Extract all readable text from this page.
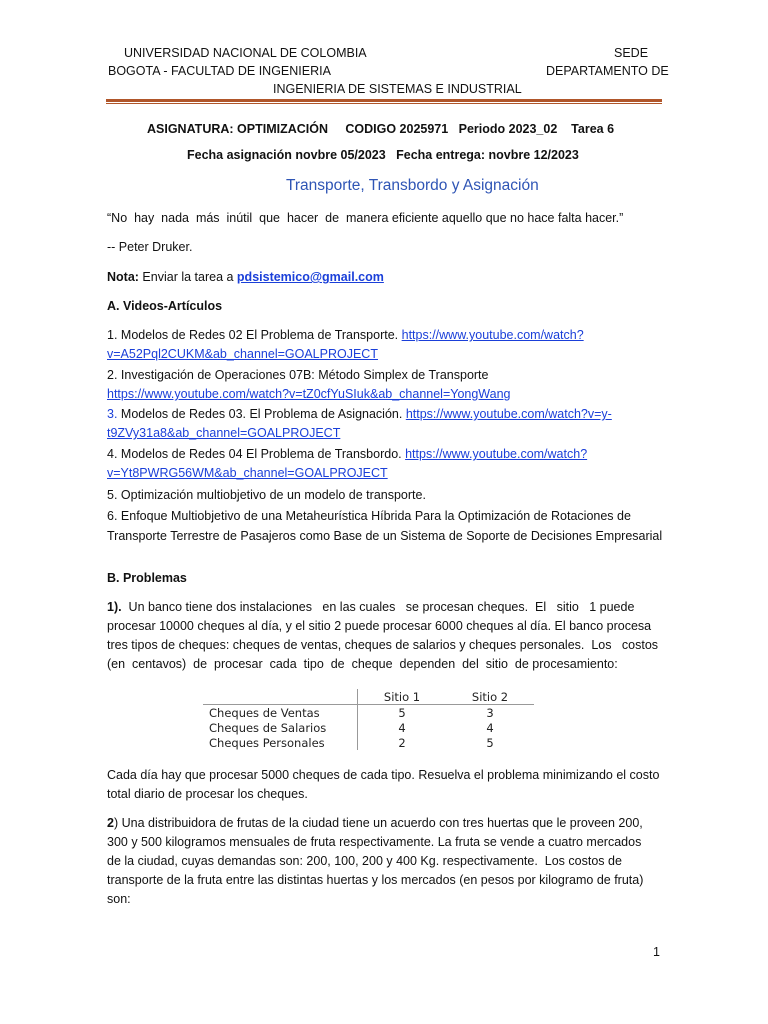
UNIVERSIDAD NACIONAL DE COLOMBIA	SEDE
BOGOTA - FACULTAD DE INGENIERIA	DEPARTAMENTO DE
INGENIERIA DE SISTEMAS E INDUSTRIAL
ASIGNATURA: OPTIMIZACIÓN     CODIGO 2025971   Periodo 2023_02    Tarea 6
Fecha asignación novbre 05/2023   Fecha entrega: novbre 12/2023
Transporte, Transbordo y Asignación
“No  hay  nada  más  inútil  que  hacer  de  manera eficiente aquello que no hace falta hacer.”
-- Peter Druker.
Nota: Enviar la tarea a pdsistemico@gmail.com
A. Videos-Artículos
1. Modelos de Redes 02 El Problema de Transporte. https://www.youtube.com/watch?
v=A52Pql2CUKM&ab_channel=GOALPROJECT
2. Investigación de Operaciones 07B: Método Simplex de Transporte
https://www.youtube.com/watch?v=tZ0cfYuSIuk&ab_channel=YongWang
3. Modelos de Redes 03. El Problema de Asignación. https://www.youtube.com/watch?v=y-
t9ZVy31a8&ab_channel=GOALPROJECT
4. Modelos de Redes 04 El Problema de Transbordo. https://www.youtube.com/watch?
v=Yt8PWRG56WM&ab_channel=GOALPROJECT
5. Optimización multiobjetivo de un modelo de transporte.
6. Enfoque Multiobjetivo de una Metaheurística Híbrida Para la Optimización de Rotaciones de
Transporte Terrestre de Pasajeros como Base de un Sistema de Soporte de Decisiones Empresarial
B. Problemas
1).  Un banco tiene dos instalaciones   en las cuales   se procesan cheques.  El   sitio   1 puede
procesar 10000 cheques al día, y el sitio 2 puede procesar 6000 cheques al día. El banco procesa
tres tipos de cheques: cheques de ventas, cheques de salarios y cheques personales.  Los   costos
(en  centavos)  de  procesar  cada  tipo  de  cheque  dependen  del  sitio  de procesamiento:
	Sitio 1	Sitio 2
Cheques de Ventas	5	3
Cheques de Salarios	4	4
Cheques Personales	2	5
Cada día hay que procesar 5000 cheques de cada tipo. Resuelva el problema minimizando el costo
total diario de procesar los cheques.
2) Una distribuidora de frutas de la ciudad tiene un acuerdo con tres huertas que le proveen 200,
300 y 500 kilogramos mensuales de fruta respectivamente. La fruta se vende a cuatro mercados
de la ciudad, cuyas demandas son: 200, 100, 200 y 400 Kg. respectivamente.  Los costos de
transporte de la fruta entre las distintas huertas y los mercados (en pesos por kilogramo de fruta)
son:
1
